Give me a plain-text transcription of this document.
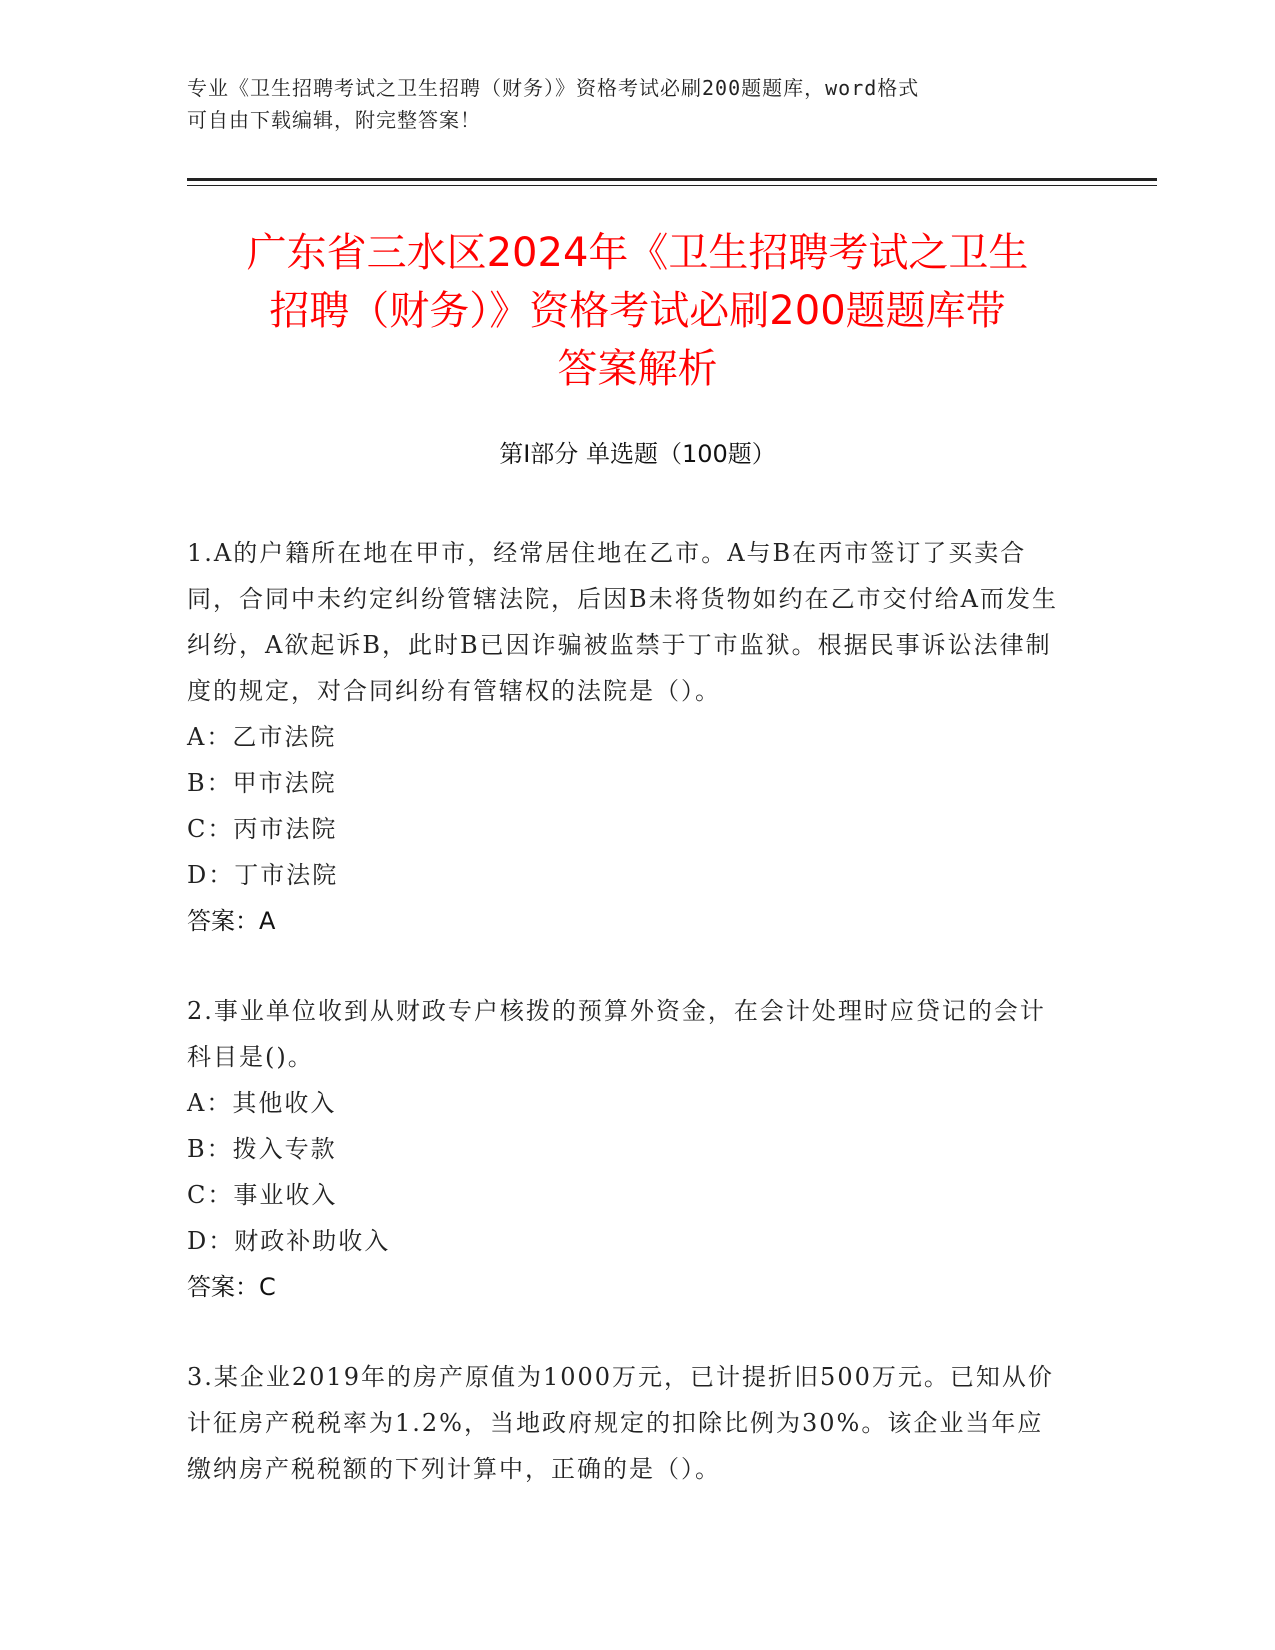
专业《卫生招聘考试之卫生招聘（财务）》资格考试必刷200题题库，word格式
可自由下载编辑，附完整答案！
广东省三水区2024年《卫生招聘考试之卫生
招聘（财务）》资格考试必刷200题题库带
答案解析
第Ⅰ部分 单选题（100题）
1.A的户籍所在地在甲市，经常居住地在乙市。A与B在丙市签订了买卖合同，合同中未约定纠纷管辖法院，后因B未将货物如约在乙市交付给A而发生纠纷，A欲起诉B，此时B已因诈骗被监禁于丁市监狱。根据民事诉讼法律制度的规定，对合同纠纷有管辖权的法院是（）。
A：乙市法院
B：甲市法院
C：丙市法院
D：丁市法院
答案：A
2.事业单位收到从财政专户核拨的预算外资金，在会计处理时应贷记的会计科目是()。
A：其他收入
B：拨入专款
C：事业收入
D：财政补助收入
答案：C
3.某企业2019年的房产原值为1000万元，已计提折旧500万元。已知从价计征房产税税率为1.2%，当地政府规定的扣除比例为30%。该企业当年应缴纳房产税税额的下列计算中，正确的是（）。
